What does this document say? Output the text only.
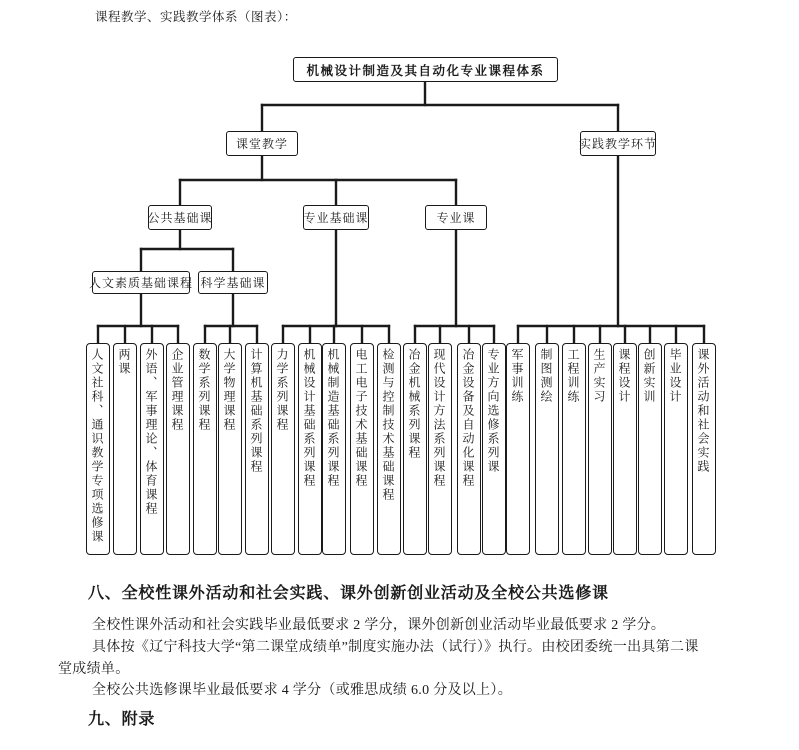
课程教学、实践教学体系（图表）：
机械设计制造及其自动化专业课程体系
课堂教学	实践教学环节
公共基础课	专业基础课	专业课
人文素质基础课程 科学基础课
人文社科、通识教学专项选修课	两课	外语、军事理论、体育课程	企业管理课程	数学系列课程 大学物理课程	计算机基础系列课程	力学系列课程	机械设计基础系列课程 机械制造基础系列课程	电工电子技术基础课程	检测与控制技术基础课程	冶金机械系列课程 现代设计方法系列课程	冶金设备及自动化课程 专业方向选修系列课 军事训练	制图测绘	工程训练	生产实习 课程设计 创新实训	毕业设计	课外活动和社会实践
八、全校性课外活动和社会实践、课外创新创业活动及全校公共选修课
全校性课外活动和社会实践毕业最低要求 2 学分，课外创新创业活动毕业最低要求 2 学分。
具体按《辽宁科技大学“第二课堂成绩单”制度实施办法（试行）》执行。由校团委统一出具第二课
堂成绩单。
全校公共选修课毕业最低要求 4 学分（或雅思成绩 6.0 分及以上）。
九、附录
